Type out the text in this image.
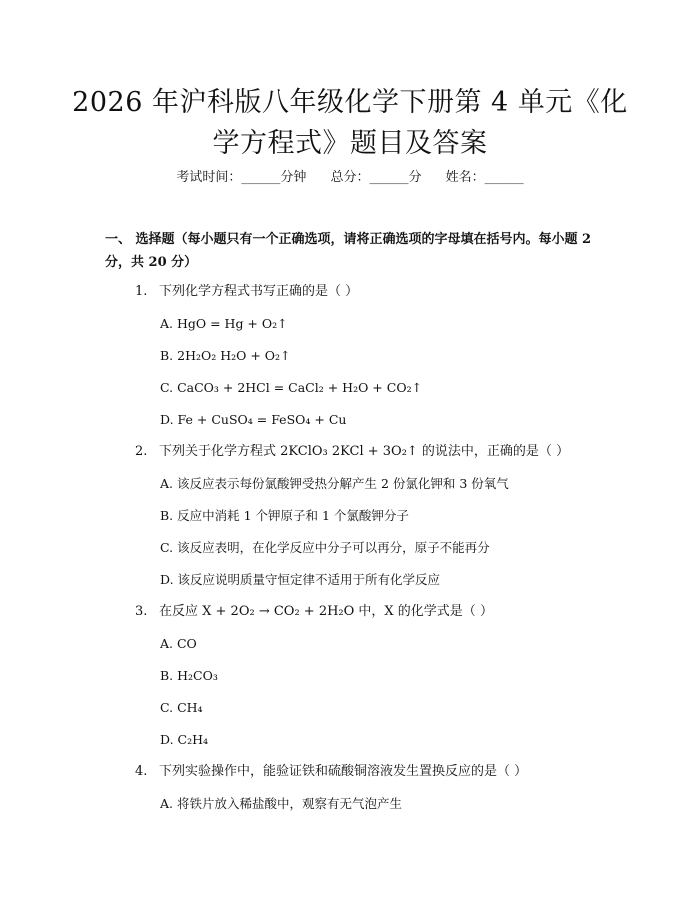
2026 年沪科版八年级化学下册第 4 单元《化
学方程式》题目及答案
考试时间：______分钟 总分：______分 姓名：______
一、 选择题（每小题只有一个正确选项，请将正确选项的字母填在括号内。每小题 2 分，共 20 分）
1. 下列化学方程式书写正确的是（ ）
A. HgO = Hg + O₂↑
B. 2H₂O₂ H₂O + O₂↑
C. CaCO₃ + 2HCl = CaCl₂ + H₂O + CO₂↑
D. Fe + CuSO₄ = FeSO₄ + Cu
2. 下列关于化学方程式 2KClO₃ 2KCl + 3O₂↑ 的说法中，正确的是（ ）
A. 该反应表示每份氯酸钾受热分解产生 2 份氯化钾和 3 份氧气
B. 反应中消耗 1 个钾原子和 1 个氯酸钾分子
C. 该反应表明，在化学反应中分子可以再分，原子不能再分
D. 该反应说明质量守恒定律不适用于所有化学反应
3. 在反应 X + 2O₂ → CO₂ + 2H₂O 中，X 的化学式是（ ）
A. CO
B. H₂CO₃
C. CH₄
D. C₂H₄
4. 下列实验操作中，能验证铁和硫酸铜溶液发生置换反应的是（ ）
A. 将铁片放入稀盐酸中，观察有无气泡产生
